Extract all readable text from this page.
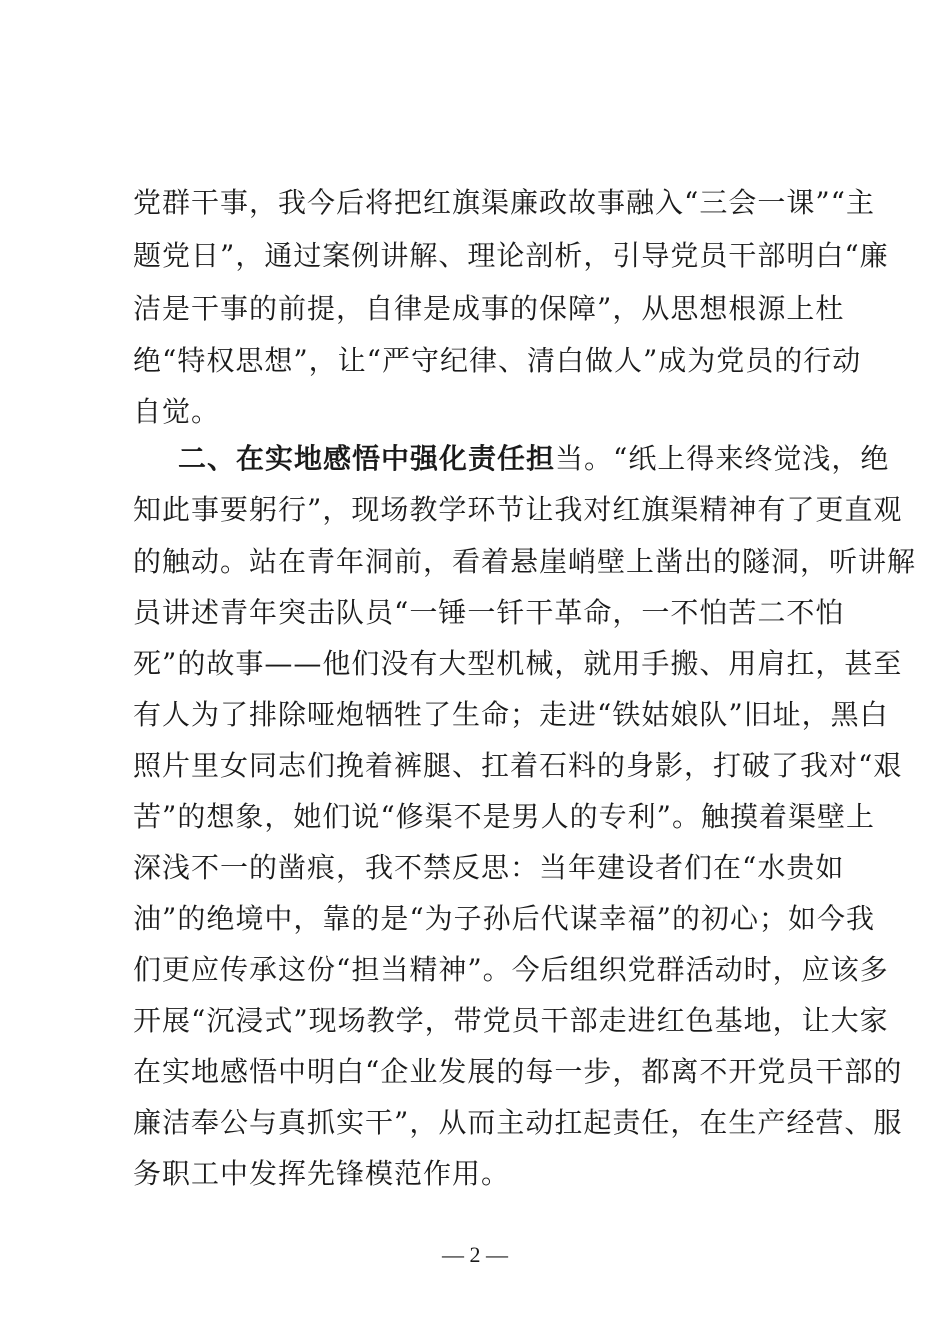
党群干事，我今后将把红旗渠廉政故事融入“三会一课”“主
题党日”，通过案例讲解、理论剖析，引导党员干部明白“廉
洁是干事的前提，自律是成事的保障”，从思想根源上杜
绝“特权思想”，让“严守纪律、清白做人”成为党员的行动
自觉。
二、在实地感悟中强化责任担当。“纸上得来终觉浅，绝
知此事要躬行”，现场教学环节让我对红旗渠精神有了更直观
的触动。站在青年洞前，看着悬崖峭壁上凿出的隧洞，听讲解
员讲述青年突击队员“一锤一钎干革命，一不怕苦二不怕
死”的故事——他们没有大型机械，就用手搬、用肩扛，甚至
有人为了排除哑炮牺牲了生命；走进“铁姑娘队”旧址，黑白
照片里女同志们挽着裤腿、扛着石料的身影，打破了我对“艰
苦”的想象，她们说“修渠不是男人的专利”。触摸着渠壁上
深浅不一的凿痕，我不禁反思：当年建设者们在“水贵如
油”的绝境中，靠的是“为子孙后代谋幸福”的初心；如今我
们更应传承这份“担当精神”。今后组织党群活动时，应该多
开展“沉浸式”现场教学，带党员干部走进红色基地，让大家
在实地感悟中明白“企业发展的每一步，都离不开党员干部的
廉洁奉公与真抓实干”，从而主动扛起责任，在生产经营、服
务职工中发挥先锋模范作用。
— 2 —
